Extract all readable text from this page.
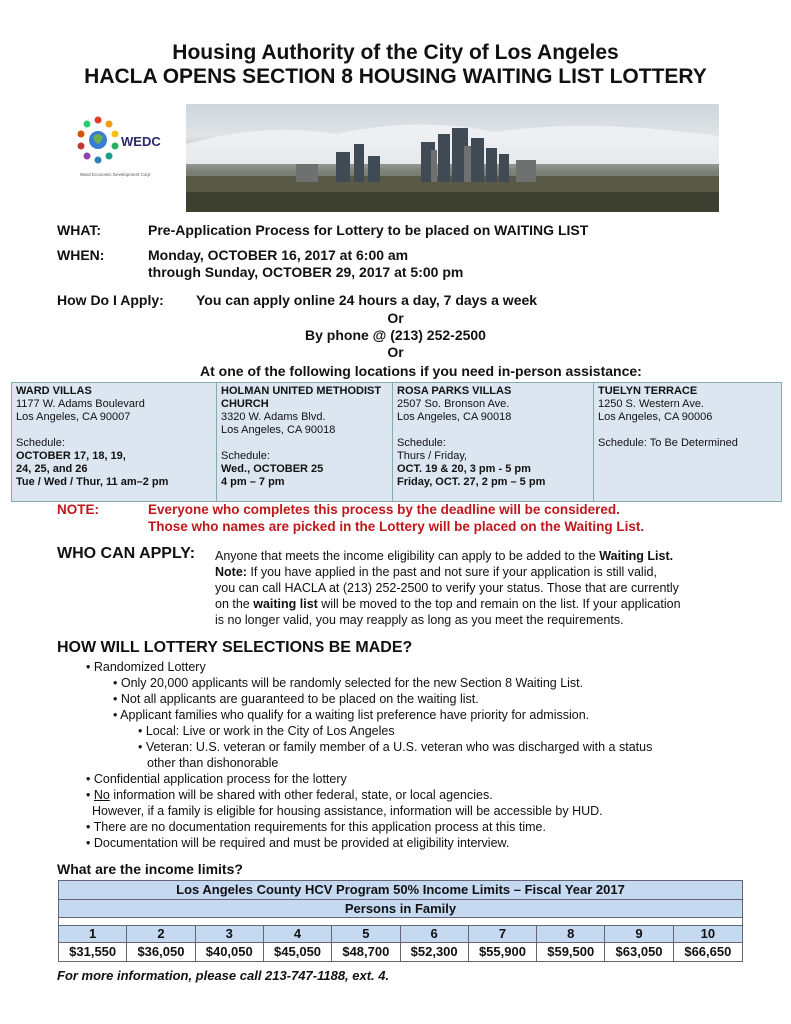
Housing Authority of the City of Los Angeles
HACLA OPENS SECTION 8 HOUSING WAITING LIST LOTTERY
WEDC
Ward Economic Development Corp
WHAT:	Pre-Application Process for Lottery to be placed on WAITING LIST
WHEN:	Monday, OCTOBER 16, 2017 at 6:00 am
through Sunday, OCTOBER 29, 2017 at 5:00 pm
How Do I Apply: You can apply online 24 hours a day, 7 days a week
Or
By phone @ (213) 252-2500
Or
At one of the following locations if you need in-person assistance:
WARD VILLAS
1177 W. Adams Boulevard
Los Angeles, CA 90007
Schedule:
OCTOBER 17, 18, 19,
24, 25, and 26
Tue / Wed / Thur, 11 am–2 pm
HOLMAN UNITED METHODIST CHURCH
3320 W. Adams Blvd.
Los Angeles, CA 90018
Schedule:
Wed., OCTOBER 25
4 pm – 7 pm
ROSA PARKS VILLAS
2507 So. Bronson Ave.
Los Angeles, CA 90018
Schedule:
Thurs / Friday,
OCT. 19 & 20, 3 pm - 5 pm
Friday, OCT. 27, 2 pm – 5 pm
TUELYN TERRACE
1250 S. Western Ave.
Los Angeles, CA 90006
Schedule: To Be Determined
NOTE:	Everyone who completes this process by the deadline will be considered.
Those who names are picked in the Lottery will be placed on the Waiting List.
WHO CAN APPLY: Anyone that meets the income eligibility can apply to be added to the Waiting List.
Note: If you have applied in the past and not sure if your application is still valid,
you can call HACLA at (213) 252-2500 to verify your status. Those that are currently
on the waiting list will be moved to the top and remain on the list. If your application
is no longer valid, you may reapply as long as you meet the requirements.
HOW WILL LOTTERY SELECTIONS BE MADE?
• Randomized Lottery
• Only 20,000 applicants will be randomly selected for the new Section 8 Waiting List.
• Not all applicants are guaranteed to be placed on the waiting list.
• Applicant families who qualify for a waiting list preference have priority for admission.
• Local: Live or work in the City of Los Angeles
• Veteran: U.S. veteran or family member of a U.S. veteran who was discharged with a status
other than dishonorable
• Confidential application process for the lottery
• No information will be shared with other federal, state, or local agencies.
However, if a family is eligible for housing assistance, information will be accessible by HUD.
• There are no documentation requirements for this application process at this time.
• Documentation will be required and must be provided at eligibility interview.
What are the income limits?
Los Angeles County HCV Program 50% Income Limits – Fiscal Year 2017
Persons in Family
1	2	3	4	5	6	7	8	9	10
$31,550	$36,050	$40,050	$45,050	$48,700	$52,300	$55,900	$59,500	$63,050	$66,650
For more information, please call 213-747-1188, ext. 4.
